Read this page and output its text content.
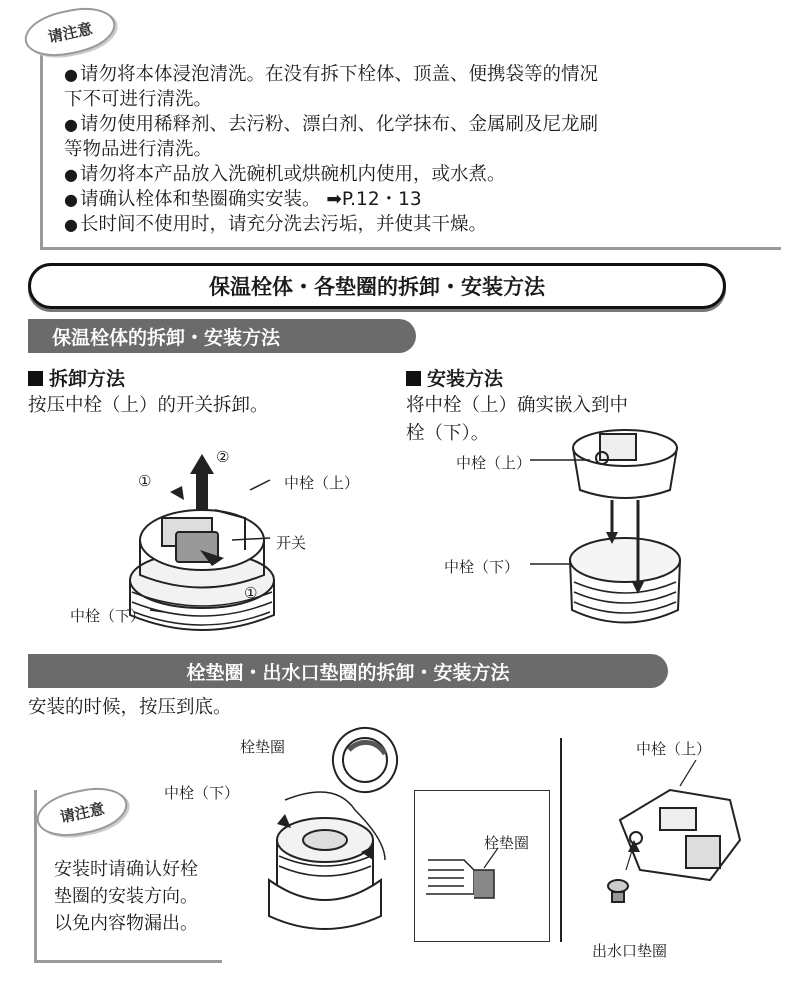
请注意
● 请勿将本体浸泡清洗。在没有拆下栓体、顶盖、便携袋等的情况
下不可进行清洗。
● 请勿使用稀释剂、去污粉、漂白剂、化学抹布、金属刷及尼龙刷
等物品进行清洗。
● 请勿将本产品放入洗碗机或烘碗机内使用，或水煮。
● 请确认栓体和垫圈确实安装。 ➡P.12・13
● 长时间不使用时，请充分洗去污垢，并使其干燥。
保温栓体・各垫圈的拆卸・安装方法
保温栓体的拆卸・安装方法
拆卸方法
按压中栓（上）的开关拆卸。
安装方法
将中栓（上）确实嵌入到中
栓（下）。
①
②
①
中栓（上）
开关
中栓（下）
中栓（上）
中栓（下）
栓垫圈・出水口垫圈的拆卸・安装方法
安装的时候，按压到底。
栓垫圈
中栓（下）
栓垫圈
中栓（上）
出水口垫圈
请注意
安装时请确认好栓
垫圈的安装方向。
以免内容物漏出。
